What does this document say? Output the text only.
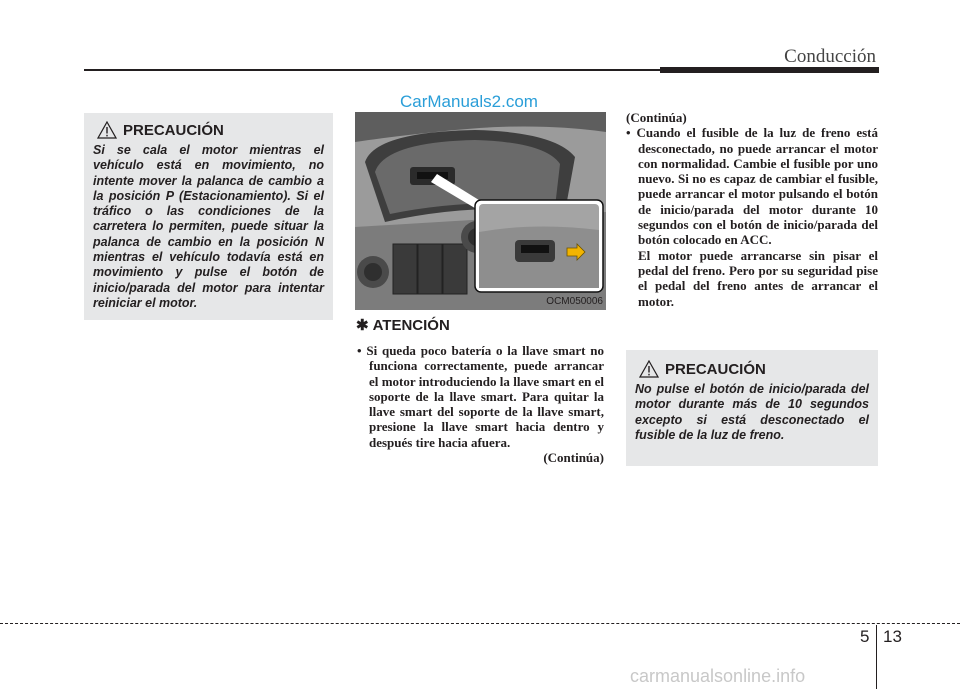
Conducción
CarManuals2.com
PRECAUCIÓN
Si se cala el motor mientras el vehículo está en movimiento, no intente mover la palanca de cambio a la posición P (Estacionamiento). Si el tráfico o las condiciones de la carretera lo permiten, puede situar la palanca de cambio en la posición N mientras el vehículo todavía está en movimiento y pulse el botón de inicio/parada del motor para intentar reiniciar el motor.	OCM050006
✱ ATENCIÓN
• Si queda poco batería o la llave smart no funciona correctamente, puede arrancar el motor introduciendo la llave smart en el soporte de la llave smart. Para quitar la llave smart del soporte de la llave smart, presione la llave smart hacia dentro y después tire hacia afuera.
(Continúa)
(Continúa)
• Cuando el fusible de la luz de freno está desconectado, no puede arrancar el motor con normalidad. Cambie el fusible por uno nuevo. Si no es capaz de cambiar el fusible, puede arrancar el motor pulsando el botón de inicio/parada del motor durante 10 segundos con el botón de inicio/parada del botón colocado en ACC.
El motor puede arrancarse sin pisar el pedal del freno. Pero por su seguridad pise el pedal del freno antes de arrancar el motor.
PRECAUCIÓN
No pulse el botón de inicio/parada del motor durante más de 10 segundos excepto si está desconectado el fusible de la luz de freno.
5 13
carmanualsonline.info
